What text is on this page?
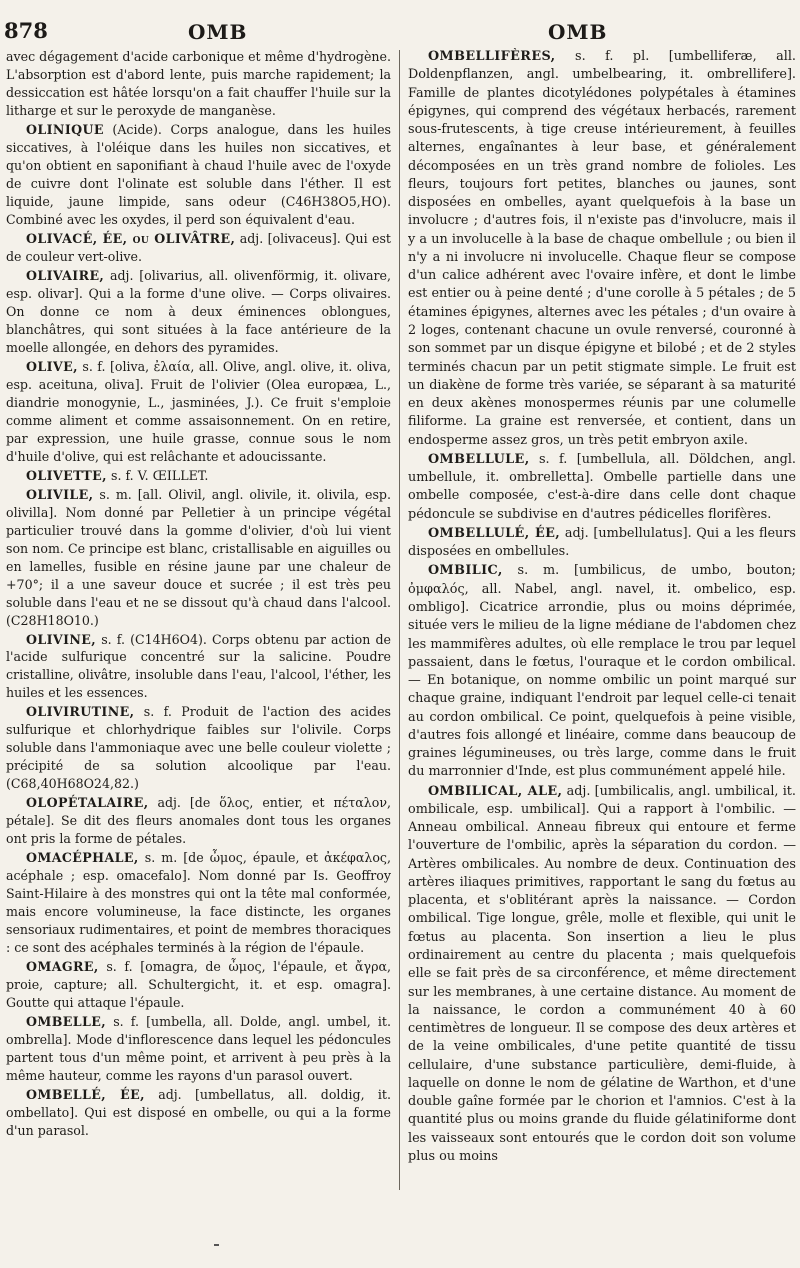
878	OMB	OMB

avec dégagement d'acide carbonique et même d'hydrogène. L'absorption est d'abord lente, puis marche rapidement; la dessiccation est hâtée lorsqu'on a fait chauffer l'huile sur la litharge et sur le peroxyde de manganèse.

OLINIQUE (Acide). Corps analogue, dans les huiles siccatives, à l'oléique dans les huiles non siccatives, et qu'on obtient en saponifiant à chaud l'huile avec de l'oxyde de cuivre dont l'olinate est soluble dans l'éther. Il est liquide, jaune limpide, sans odeur (C46H38O5,HO). Combiné avec les oxydes, il perd son équivalent d'eau.

OLIVACÉ, ÉE, ou OLIVÂTRE, adj. [olivaceus]. Qui est de couleur vert-olive.

OLIVAIRE, adj. [olivarius, all. olivenförmig, it. olivare, esp. olivar]. Qui a la forme d'une olive. — Corps olivaires. On donne ce nom à deux éminences oblongues, blanchâtres, qui sont situées à la face antérieure de la moelle allongée, en dehors des pyramides.

OLIVE, s. f. [oliva, ἐλαία, all. Olive, angl. olive, it. oliva, esp. aceituna, oliva]. Fruit de l'olivier (Olea europæa, L., diandrie monogynie, L., jasminées, J.). Ce fruit s'emploie comme aliment et comme assaisonnement. On en retire, par expression, une huile grasse, connue sous le nom d'huile d'olive, qui est relâchante et adoucissante.

OLIVETTE, s. f. V. ŒILLET.

OLIVILE, s. m. [all. Olivil, angl. olivile, it. olivila, esp. olivilla]. Nom donné par Pelletier à un principe végétal particulier trouvé dans la gomme d'olivier, d'où lui vient son nom. Ce principe est blanc, cristallisable en aiguilles ou en lamelles, fusible en résine jaune par une chaleur de +70°; il a une saveur douce et sucrée ; il est très peu soluble dans l'eau et ne se dissout qu'à chaud dans l'alcool. (C28H18O10.)

OLIVINE, s. f. (C14H6O4). Corps obtenu par action de l'acide sulfurique concentré sur la salicine. Poudre cristalline, olivâtre, insoluble dans l'eau, l'alcool, l'éther, les huiles et les essences.

OLIVIRUTINE, s. f. Produit de l'action des acides sulfurique et chlorhydrique faibles sur l'olivile. Corps soluble dans l'ammoniaque avec une belle couleur violette ; précipité de sa solution alcoolique par l'eau. (C68,40H68O24,82.)

OLOPÉTALAIRE, adj. [de ὅλος, entier, et πέταλον, pétale]. Se dit des fleurs anomales dont tous les organes ont pris la forme de pétales.

OMACÉPHALE, s. m. [de ὦμος, épaule, et ἀκέφαλος, acéphale ; esp. omacefalo]. Nom donné par Is. Geoffroy Saint-Hilaire à des monstres qui ont la tête mal conformée, mais encore volumineuse, la face distincte, les organes sensoriaux rudimentaires, et point de membres thoraciques : ce sont des acéphales terminés à la région de l'épaule.

OMAGRE, s. f. [omagra, de ὦμος, l'épaule, et ἄγρα, proie, capture; all. Schultergicht, it. et esp. omagra]. Goutte qui attaque l'épaule.

OMBELLE, s. f. [umbella, all. Dolde, angl. umbel, it. ombrella]. Mode d'inflorescence dans lequel les pédoncules partent tous d'un même point, et arrivent à peu près à la même hauteur, comme les rayons d'un parasol ouvert.

OMBELLÉ, ÉE, adj. [umbellatus, all. doldig, it. ombellato]. Qui est disposé en ombelle, ou qui a la forme d'un parasol.

OMBELLIFÈRES, s. f. pl. [umbelliferæ, all. Doldenpflanzen, angl. umbelbearing, it. ombrellifere]. Famille de plantes dicotylédones polypétales à étamines épigynes, qui comprend des végétaux herbacés, rarement sous-frutescents, à tige creuse intérieurement, à feuilles alternes, engaînantes à leur base, et généralement décomposées en un très grand nombre de folioles. Les fleurs, toujours fort petites, blanches ou jaunes, sont disposées en ombelles, ayant quelquefois à la base un involucre ; d'autres fois, il n'existe pas d'involucre, mais il y a un involucelle à la base de chaque ombellule ; ou bien il n'y a ni involucre ni involucelle. Chaque fleur se compose d'un calice adhérent avec l'ovaire infère, et dont le limbe est entier ou à peine denté ; d'une corolle à 5 pétales ; de 5 étamines épigynes, alternes avec les pétales ; d'un ovaire à 2 loges, contenant chacune un ovule renversé, couronné à son sommet par un disque épigyne et bilobé ; et de 2 styles terminés chacun par un petit stigmate simple. Le fruit est un diakène de forme très variée, se séparant à sa maturité en deux akènes monospermes réunis par une columelle filiforme. La graine est renversée, et contient, dans un endosperme assez gros, un très petit embryon axile.

OMBELLULE, s. f. [umbellula, all. Döldchen, angl. umbellule, it. ombrelletta]. Ombelle partielle dans une ombelle composée, c'est-à-dire dans celle dont chaque pédoncule se subdivise en d'autres pédicelles florifères.

OMBELLULÉ, ÉE, adj. [umbellulatus]. Qui a les fleurs disposées en ombellules.

OMBILIC, s. m. [umbilicus, de umbo, bouton; ὀμφαλός, all. Nabel, angl. navel, it. ombelico, esp. ombligo]. Cicatrice arrondie, plus ou moins déprimée, située vers le milieu de la ligne médiane de l'abdomen chez les mammifères adultes, où elle remplace le trou par lequel passaient, dans le fœtus, l'ouraque et le cordon ombilical. — En botanique, on nomme ombilic un point marqué sur chaque graine, indiquant l'endroit par lequel celle-ci tenait au cordon ombilical. Ce point, quelquefois à peine visible, d'autres fois allongé et linéaire, comme dans beaucoup de graines légumineuses, ou très large, comme dans le fruit du marronnier d'Inde, est plus communément appelé hile.

OMBILICAL, ALE, adj. [umbilicalis, angl. umbilical, it. ombilicale, esp. umbilical]. Qui a rapport à l'ombilic. — Anneau ombilical. Anneau fibreux qui entoure et ferme l'ouverture de l'ombilic, après la séparation du cordon. — Artères ombilicales. Au nombre de deux. Continuation des artères iliaques primitives, rapportant le sang du fœtus au placenta, et s'oblitérant après la naissance. — Cordon ombilical. Tige longue, grêle, molle et flexible, qui unit le fœtus au placenta. Son insertion a lieu le plus ordinairement au centre du placenta ; mais quelquefois elle se fait près de sa circonférence, et même directement sur les membranes, à une certaine distance. Au moment de la naissance, le cordon a communément 40 à 60 centimètres de longueur. Il se compose des deux artères et de la veine ombilicales, d'une petite quantité de tissu cellulaire, d'une substance particulière, demi-fluide, à laquelle on donne le nom de gélatine de Warthon, et d'une double gaîne formée par le chorion et l'amnios. C'est à la quantité plus ou moins grande du fluide gélatiniforme dont les vaisseaux sont entourés que le cordon doit son volume plus ou moins
